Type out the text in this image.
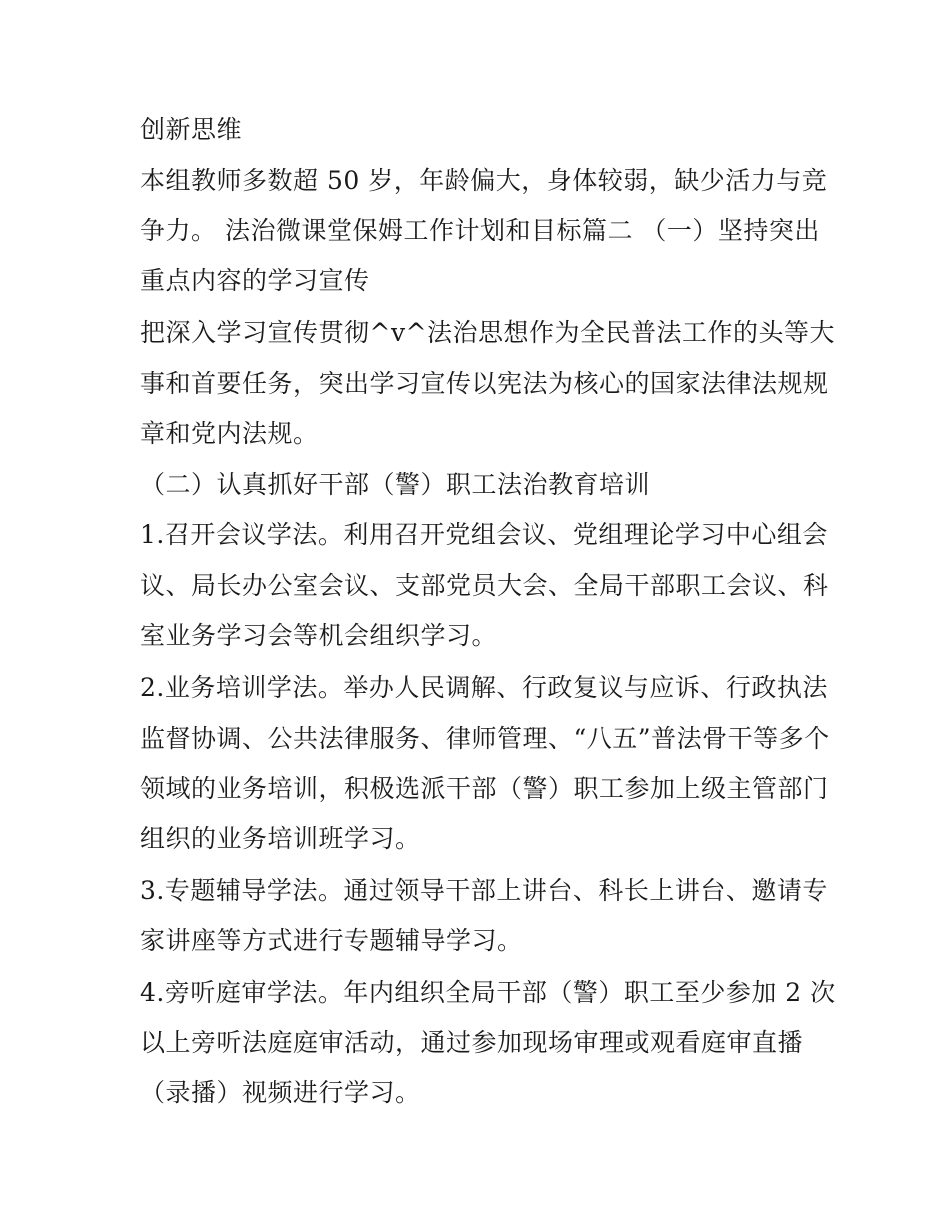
创新思维
本组教师多数超 50 岁，年龄偏大，身体较弱，缺少活力与竞
争力。 法治微课堂保姆工作计划和目标篇二 （一）坚持突出
重点内容的学习宣传
把深入学习宣传贯彻^v^法治思想作为全民普法工作的头等大
事和首要任务，突出学习宣传以宪法为核心的国家法律法规规
章和党内法规。
（二）认真抓好干部（警）职工法治教育培训
1.召开会议学法。利用召开党组会议、党组理论学习中心组会
议、局长办公室会议、支部党员大会、全局干部职工会议、科
室业务学习会等机会组织学习。
2.业务培训学法。举办人民调解、行政复议与应诉、行政执法
监督协调、公共法律服务、律师管理、“八五”普法骨干等多个
领域的业务培训，积极选派干部（警）职工参加上级主管部门
组织的业务培训班学习。
3.专题辅导学法。通过领导干部上讲台、科长上讲台、邀请专
家讲座等方式进行专题辅导学习。
4.旁听庭审学法。年内组织全局干部（警）职工至少参加 2 次
以上旁听法庭庭审活动，通过参加现场审理或观看庭审直播
（录播）视频进行学习。
